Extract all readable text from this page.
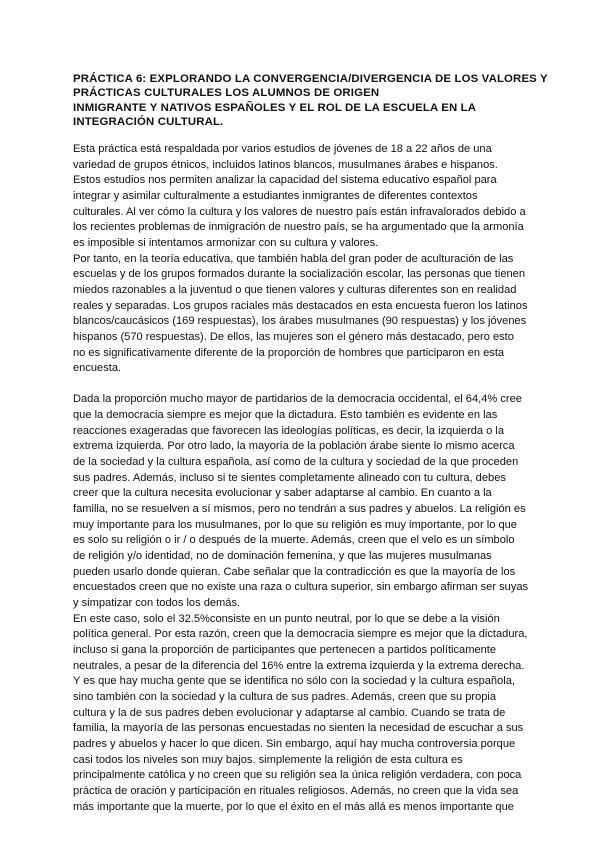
PRÁCTICA 6: EXPLORANDO LA CONVERGENCIA/DIVERGENCIA DE LOS VALORES Y
PRÁCTICAS CULTURALES LOS ALUMNOS DE ORIGEN
INMIGRANTE Y NATIVOS ESPAÑOLES Y EL ROL DE LA ESCUELA EN LA
INTEGRACIÓN CULTURAL.
Esta práctica está respaldada por varios estudios de jóvenes de 18 a 22 años de una
variedad de grupos étnicos, incluidos latinos blancos, musulmanes árabes e hispanos.
Estos estudios nos permiten analizar la capacidad del sistema educativo español para
integrar y asimilar culturalmente a estudiantes inmigrantes de diferentes contextos
culturales. Al ver cómo la cultura y los valores de nuestro país están infravalorados debido a
los recientes problemas de inmigración de nuestro país, se ha argumentado que la armonía
es imposible si intentamos armonizar con su cultura y valores.
Por tanto, en la teoría educativa, que también habla del gran poder de aculturación de las
escuelas y de los grupos formados durante la socialización escolar, las personas que tienen
miedos razonables a la juventud o que tienen valores y culturas diferentes son en realidad
reales y separadas. Los grupos raciales más destacados en esta encuesta fueron los latinos
blancos/caucásicos (169 respuestas), los árabes musulmanes (90 respuestas) y los jóvenes
hispanos (570 respuestas). De ellos, las mujeres son el género más destacado, pero esto
no es significativamente diferente de la proporción de hombres que participaron en esta
encuesta.
Dada la proporción mucho mayor de partidarios de la democracia occidental, el 64,4% cree
que la democracia siempre es mejor que la dictadura. Esto también es evidente en las
reacciones exageradas que favorecen las ideologías políticas, es decir, la izquierda o la
extrema izquierda. Por otro lado, la mayoría de la población árabe siente lo mismo acerca
de la sociedad y la cultura española, así como de la cultura y sociedad de la que proceden
sus padres. Además, incluso si te sientes completamente alineado con tu cultura, debes
creer que la cultura necesita evolucionar y saber adaptarse al cambio. En cuanto a la
familia, no se resuelven a sí mismos, pero no tendrán a sus padres y abuelos. La religión es
muy importante para los musulmanes, por lo que su religión es muy importante, por lo que
es solo su religión o ir / o después de la muerte. Además, creen que el velo es un símbolo
de religión y/o identidad, no de dominación femenina, y que las mujeres musulmanas
pueden usarlo donde quieran. Cabe señalar que la contradicción es que la mayoría de los
encuestados creen que no existe una raza o cultura superior, sin embargo afirman ser suyas
y simpatizar con todos los demás.
En este caso, solo el 32.5%consiste en un punto neutral, por lo que se debe a la visión
política general. Por esta razón, creen que la democracia siempre es mejor que la dictadura,
incluso si gana la proporción de participantes que pertenecen a partidos políticamente
neutrales, a pesar de la diferencia del 16% entre la extrema izquierda y la extrema derecha.
Y es que hay mucha gente que se identifica no sólo con la sociedad y la cultura española,
sino también con la sociedad y la cultura de sus padres. Además, creen que su propia
cultura y la de sus padres deben evolucionar y adaptarse al cambio. Cuando se trata de
familia, la mayoría de las personas encuestadas no sienten la necesidad de escuchar a sus
padres y abuelos y hacer lo que dicen. Sin embargo, aquí hay mucha controversia porque
casi todos los niveles son muy bajos. simplemente la religión de esta cultura es
principalmente católica y no creen que su religión sea la única religión verdadera, con poca
práctica de oración y participación en rituales religiosos. Además, no creen que la vida sea
más importante que la muerte, por lo que el éxito en el más allá es menos importante que
